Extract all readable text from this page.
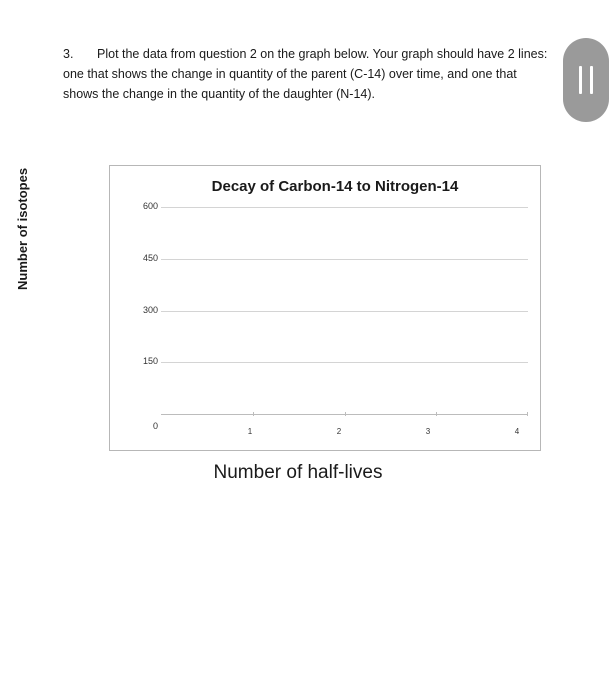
3. Plot the data from question 2 on the graph below. Your graph should have 2 lines: one that shows the change in quantity of the parent (C-14) over time, and one that shows the change in the quantity of the daughter (N-14).
Decay of Carbon-14 to Nitrogen-14
Number of isotopes	600
450
300
150
0
1	2	3	4
Number of half-lives
